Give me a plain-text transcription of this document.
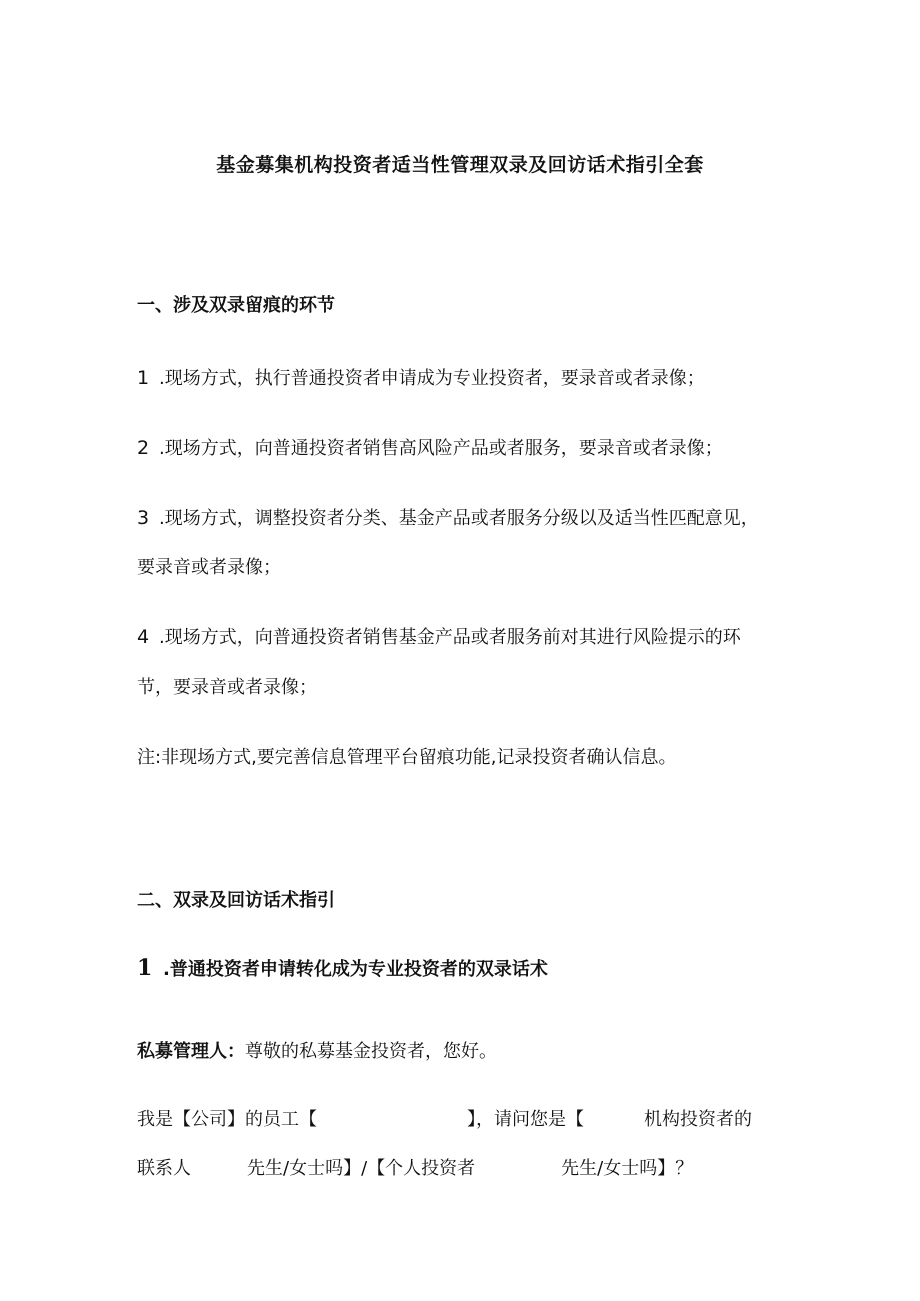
基金募集机构投资者适当性管理双录及回访话术指引全套
一、涉及双录留痕的环节
1 .现场方式，执行普通投资者申请成为专业投资者，要录音或者录像；
2 .现场方式，向普通投资者销售高风险产品或者服务，要录音或者录像；
3 .现场方式，调整投资者分类、基金产品或者服务分级以及适当性匹配意见，
要录音或者录像；
4 .现场方式，向普通投资者销售基金产品或者服务前对其进行风险提示的环
节，要录音或者录像；
注:非现场方式,要完善信息管理平台留痕功能,记录投资者确认信息。
二、双录及回访话术指引
1 .普通投资者申请转化成为专业投资者的双录话术
私募管理人：尊敬的私募基金投资者，您好。
我是【公司】的员工【	】，请问您是【	机构投资者的
联系人	先生/女士吗】/【个人投资者	先生/女士吗】？
